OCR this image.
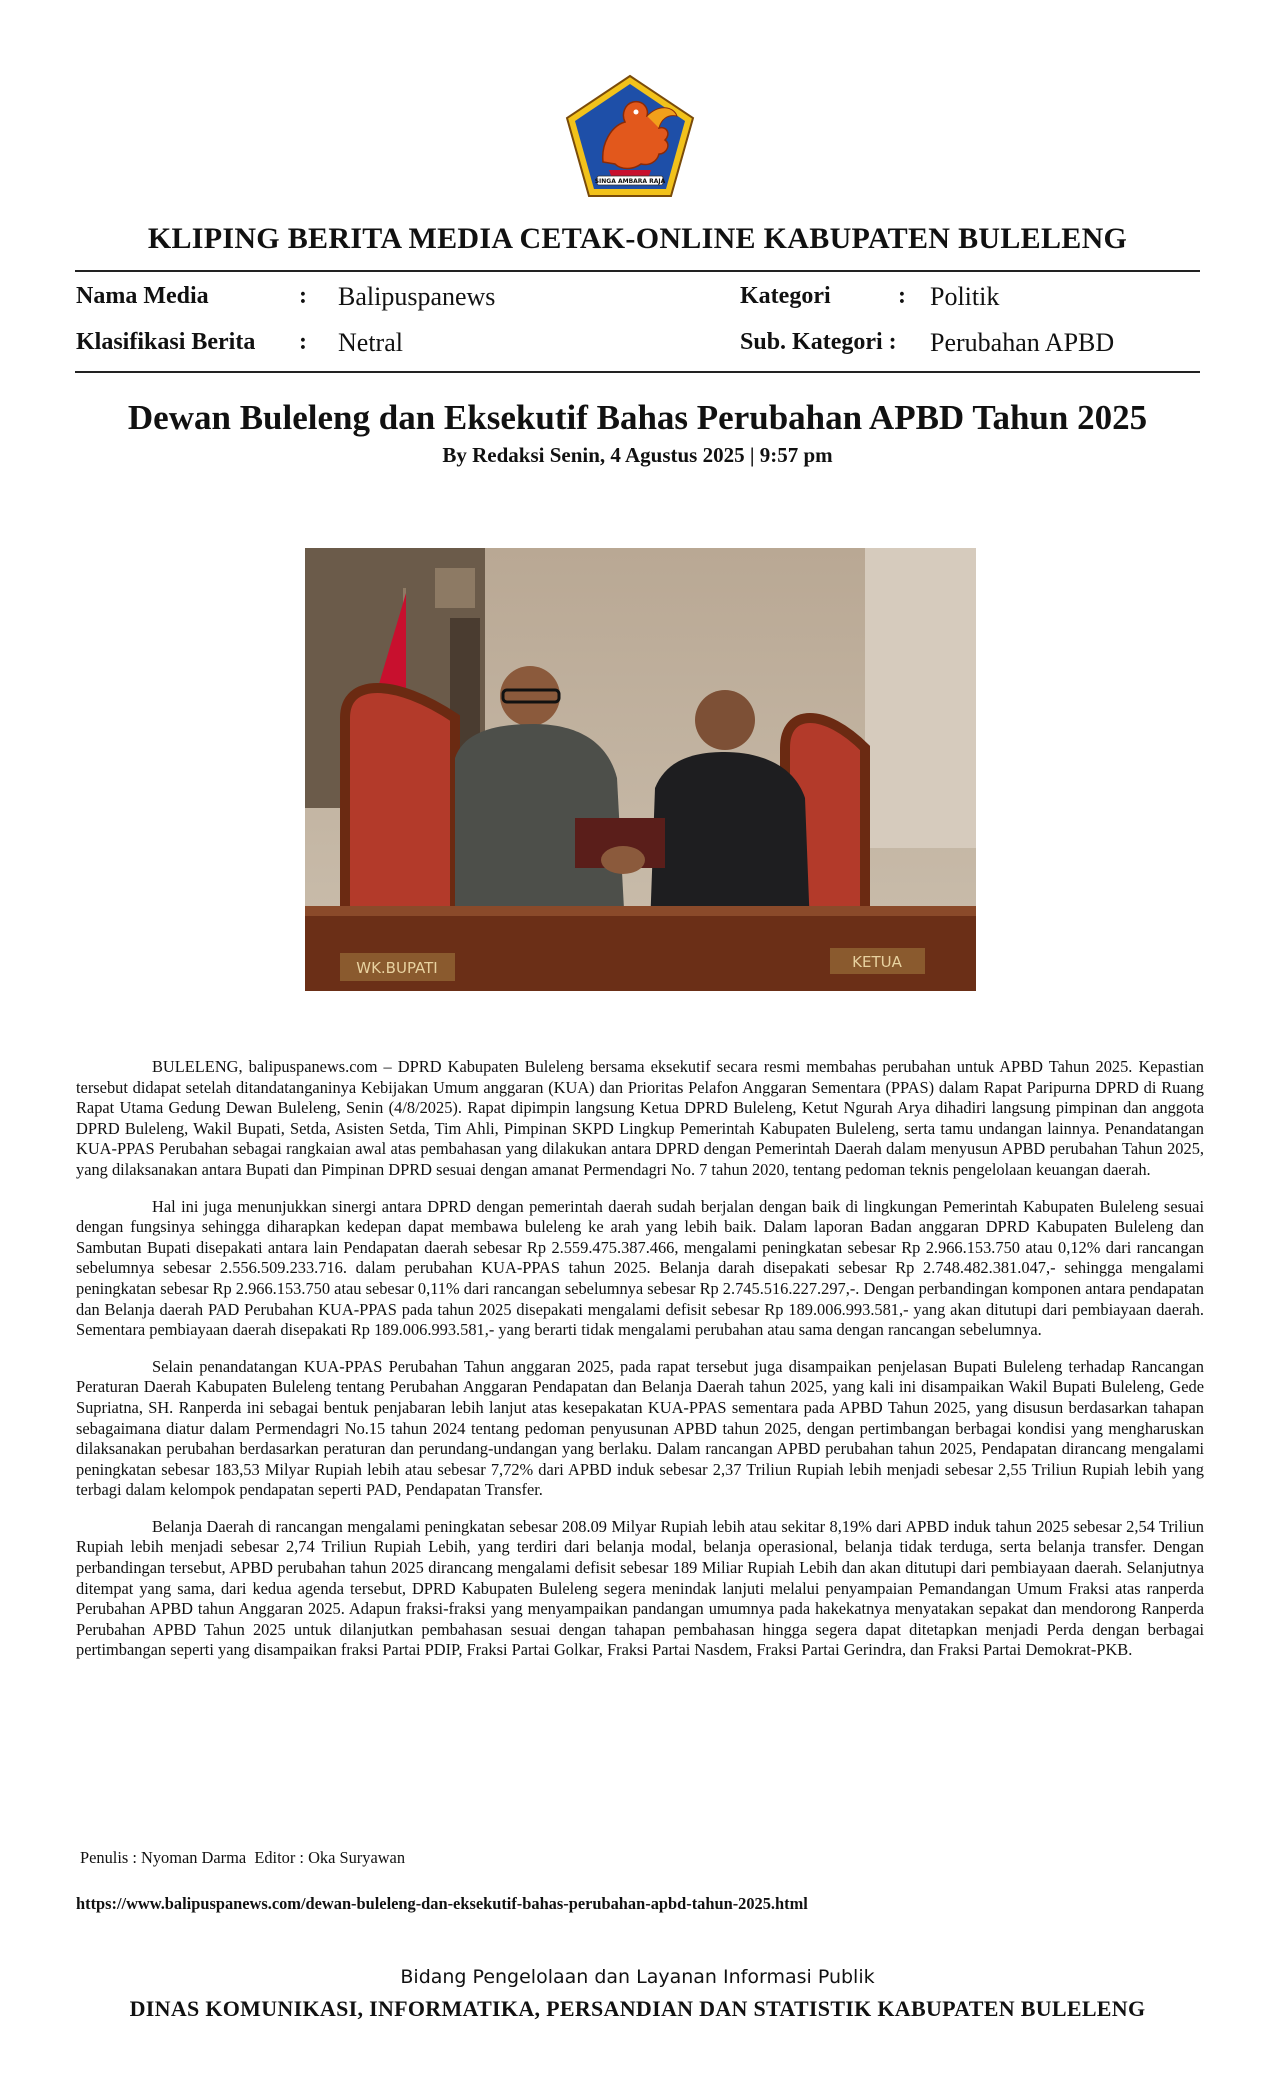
SINGA AMBARA RAJA
KLIPING BERITA MEDIA CETAK-ONLINE KABUPATEN BULELENG
Nama Media	: Balipuspanews	Kategori	: Politik
Klasifikasi Berita : Netral	Sub. Kategori : Perubahan APBD
Dewan Buleleng dan Eksekutif Bahas Perubahan APBD Tahun 2025
By Redaksi Senin, 4 Agustus 2025 | 9:57 pm
WK.BUPATI	KETUA

BULELENG, balipuspanews.com – DPRD Kabupaten Buleleng bersama eksekutif secara resmi membahas perubahan untuk APBD Tahun 2025. Kepastian tersebut didapat setelah ditandatanganinya Kebijakan Umum anggaran (KUA) dan Prioritas Pelafon Anggaran Sementara (PPAS) dalam Rapat Paripurna DPRD di Ruang Rapat Utama Gedung Dewan Buleleng, Senin (4/8/2025). Rapat dipimpin langsung Ketua DPRD Buleleng, Ketut Ngurah Arya dihadiri langsung pimpinan dan anggota DPRD Buleleng, Wakil Bupati, Setda, Asisten Setda, Tim Ahli, Pimpinan SKPD Lingkup Pemerintah Kabupaten Buleleng, serta tamu undangan lainnya. Penandatangan KUA-PPAS Perubahan sebagai rangkaian awal atas pembahasan yang dilakukan antara DPRD dengan Pemerintah Daerah dalam menyusun APBD perubahan Tahun 2025, yang dilaksanakan antara Bupati dan Pimpinan DPRD sesuai dengan amanat Permendagri No. 7 tahun 2020, tentang pedoman teknis pengelolaan keuangan daerah.

Hal ini juga menunjukkan sinergi antara DPRD dengan pemerintah daerah sudah berjalan dengan baik di lingkungan Pemerintah Kabupaten Buleleng sesuai dengan fungsinya sehingga diharapkan kedepan dapat membawa buleleng ke arah yang lebih baik. Dalam laporan Badan anggaran DPRD Kabupaten Buleleng dan Sambutan Bupati disepakati antara lain Pendapatan daerah sebesar Rp 2.559.475.387.466, mengalami peningkatan sebesar Rp 2.966.153.750 atau 0,12% dari rancangan sebelumnya sebesar 2.556.509.233.716. dalam perubahan KUA-PPAS tahun 2025. Belanja darah disepakati sebesar Rp 2.748.482.381.047,- sehingga mengalami peningkatan sebesar Rp 2.966.153.750 atau sebesar 0,11% dari rancangan sebelumnya sebesar Rp 2.745.516.227.297,-. Dengan perbandingan komponen antara pendapatan dan Belanja daerah PAD Perubahan KUA-PPAS pada tahun 2025 disepakati mengalami defisit sebesar Rp 189.006.993.581,- yang akan ditutupi dari pembiayaan daerah. Sementara pembiayaan daerah disepakati Rp 189.006.993.581,- yang berarti tidak mengalami perubahan atau sama dengan rancangan sebelumnya.

Selain penandatangan KUA-PPAS Perubahan Tahun anggaran 2025, pada rapat tersebut juga disampaikan penjelasan Bupati Buleleng terhadap Rancangan Peraturan Daerah Kabupaten Buleleng tentang Perubahan Anggaran Pendapatan dan Belanja Daerah tahun 2025, yang kali ini disampaikan Wakil Bupati Buleleng, Gede Supriatna, SH. Ranperda ini sebagai bentuk penjabaran lebih lanjut atas kesepakatan KUA-PPAS sementara pada APBD Tahun 2025, yang disusun berdasarkan tahapan sebagaimana diatur dalam Permendagri No.15 tahun 2024 tentang pedoman penyusunan APBD tahun 2025, dengan pertimbangan berbagai kondisi yang mengharuskan dilaksanakan perubahan berdasarkan peraturan dan perundang-undangan yang berlaku. Dalam rancangan APBD perubahan tahun 2025, Pendapatan dirancang mengalami peningkatan sebesar 183,53 Milyar Rupiah lebih atau sebesar 7,72% dari APBD induk sebesar 2,37 Triliun Rupiah lebih menjadi sebesar 2,55 Triliun Rupiah lebih yang terbagi dalam kelompok pendapatan seperti PAD, Pendapatan Transfer.

Belanja Daerah di rancangan mengalami peningkatan sebesar 208.09 Milyar Rupiah lebih atau sekitar 8,19% dari APBD induk tahun 2025 sebesar 2,54 Triliun Rupiah lebih menjadi sebesar 2,74 Triliun Rupiah Lebih, yang terdiri dari belanja modal, belanja operasional, belanja tidak terduga, serta belanja transfer. Dengan perbandingan tersebut, APBD perubahan tahun 2025 dirancang mengalami defisit sebesar 189 Miliar Rupiah Lebih dan akan ditutupi dari pembiayaan daerah. Selanjutnya ditempat yang sama, dari kedua agenda tersebut, DPRD Kabupaten Buleleng segera menindak lanjuti melalui penyampaian Pemandangan Umum Fraksi atas ranperda Perubahan APBD tahun Anggaran 2025. Adapun fraksi-fraksi yang menyampaikan pandangan umumnya pada hakekatnya menyatakan sepakat dan mendorong Ranperda Perubahan APBD Tahun 2025 untuk dilanjutkan pembahasan sesuai dengan tahapan pembahasan hingga segera dapat ditetapkan menjadi Perda dengan berbagai pertimbangan seperti yang disampaikan fraksi Partai PDIP, Fraksi Partai Golkar, Fraksi Partai Nasdem, Fraksi Partai Gerindra, dan Fraksi Partai Demokrat-PKB.

Penulis : Nyoman Darma  Editor : Oka Suryawan
https://www.balipuspanews.com/dewan-buleleng-dan-eksekutif-bahas-perubahan-apbd-tahun-2025.html
Bidang Pengelolaan dan Layanan Informasi Publik
DINAS KOMUNIKASI, INFORMATIKA, PERSANDIAN DAN STATISTIK KABUPATEN BULELENG
